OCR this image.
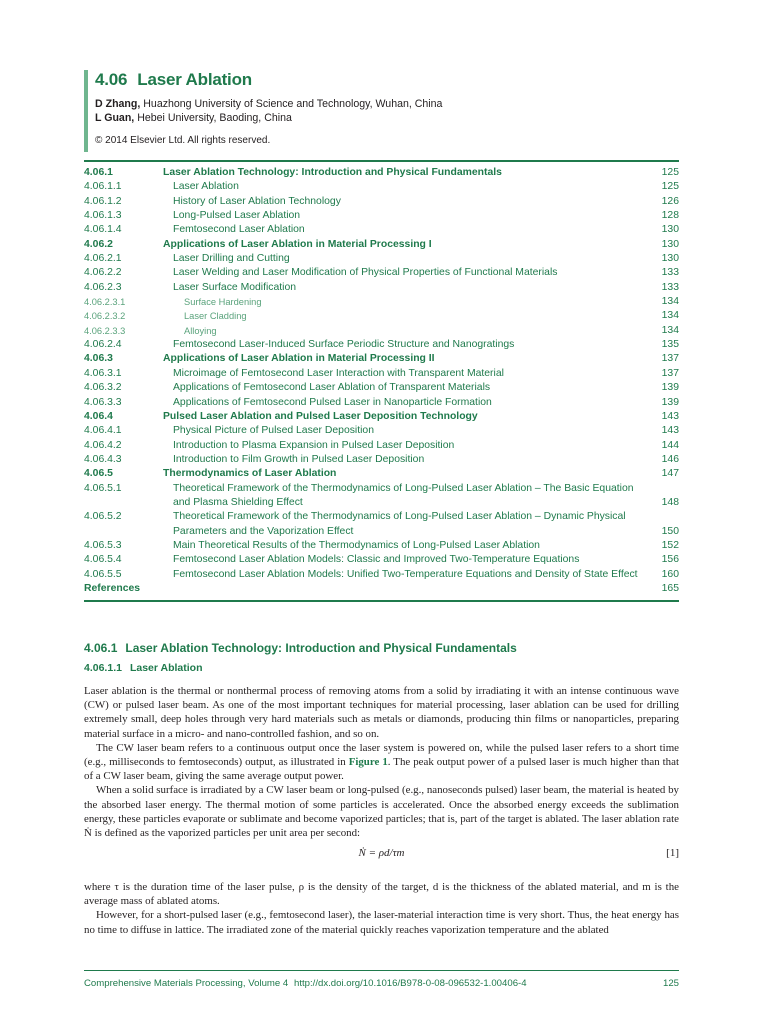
4.06 Laser Ablation
D Zhang, Huazhong University of Science and Technology, Wuhan, China
L Guan, Hebei University, Baoding, China
© 2014 Elsevier Ltd. All rights reserved.
4.06.1	Laser Ablation Technology: Introduction and Physical Fundamentals	125
4.06.1.1	Laser Ablation	125
4.06.1.2	History of Laser Ablation Technology	126
4.06.1.3	Long-Pulsed Laser Ablation	128
4.06.1.4	Femtosecond Laser Ablation	130
4.06.2	Applications of Laser Ablation in Material Processing I	130
4.06.2.1	Laser Drilling and Cutting	130
4.06.2.2	Laser Welding and Laser Modification of Physical Properties of Functional Materials	133
4.06.2.3	Laser Surface Modification	133
4.06.2.3.1	Surface Hardening	134
4.06.2.3.2	Laser Cladding	134
4.06.2.3.3	Alloying	134
4.06.2.4	Femtosecond Laser-Induced Surface Periodic Structure and Nanogratings	135
4.06.3	Applications of Laser Ablation in Material Processing II	137
4.06.3.1	Microimage of Femtosecond Laser Interaction with Transparent Material	137
4.06.3.2	Applications of Femtosecond Laser Ablation of Transparent Materials	139
4.06.3.3	Applications of Femtosecond Pulsed Laser in Nanoparticle Formation	139
4.06.4	Pulsed Laser Ablation and Pulsed Laser Deposition Technology	143
4.06.4.1	Physical Picture of Pulsed Laser Deposition	143
4.06.4.2	Introduction to Plasma Expansion in Pulsed Laser Deposition	144
4.06.4.3	Introduction to Film Growth in Pulsed Laser Deposition	146
4.06.5	Thermodynamics of Laser Ablation	147
4.06.5.1	Theoretical Framework of the Thermodynamics of Long-Pulsed Laser Ablation – The Basic Equation
and Plasma Shielding Effect	148
4.06.5.2	Theoretical Framework of the Thermodynamics of Long-Pulsed Laser Ablation – Dynamic Physical
Parameters and the Vaporization Effect	150
4.06.5.3	Main Theoretical Results of the Thermodynamics of Long-Pulsed Laser Ablation	152
4.06.5.4	Femtosecond Laser Ablation Models: Classic and Improved Two-Temperature Equations	156
4.06.5.5	Femtosecond Laser Ablation Models: Unified Two-Temperature Equations and Density of State Effect	160
References	165
4.06.1 Laser Ablation Technology: Introduction and Physical Fundamentals
4.06.1.1 Laser Ablation

Laser ablation is the thermal or nonthermal process of removing atoms from a solid by irradiating it with an intense continuous wave (CW) or pulsed laser beam. As one of the most important techniques for material processing, laser ablation can be used for drilling extremely small, deep holes through very hard materials such as metals or diamonds, producing thin films or nanoparticles, preparing material surface in a micro- and nano-controlled fashion, and so on.

The CW laser beam refers to a continuous output once the laser system is powered on, while the pulsed laser refers to a short time (e.g., milliseconds to femtoseconds) output, as illustrated in Figure 1. The peak output power of a pulsed laser is much higher than that of a CW laser beam, giving the same average output power.

When a solid surface is irradiated by a CW laser beam or long-pulsed (e.g., nanoseconds pulsed) laser beam, the material is heated by the absorbed laser energy. The thermal motion of some particles is accelerated. Once the absorbed energy exceeds the sublimation energy, these particles evaporate or sublimate and become vaporized particles; that is, part of the target is ablated. The laser ablation rate Ṅ is defined as the vaporized particles per unit area per second:

Ṅ = ρd/τm	[1]

where τ is the duration time of the laser pulse, ρ is the density of the target, d is the thickness of the ablated material, and m is the average mass of ablated atoms.

However, for a short-pulsed laser (e.g., femtosecond laser), the laser-material interaction time is very short. Thus, the heat energy has no time to diffuse in lattice. The irradiated zone of the material quickly reaches vaporization temperature and the ablated

Comprehensive Materials Processing, Volume 4 http://dx.doi.org/10.1016/B978-0-08-096532-1.00406-4	125
